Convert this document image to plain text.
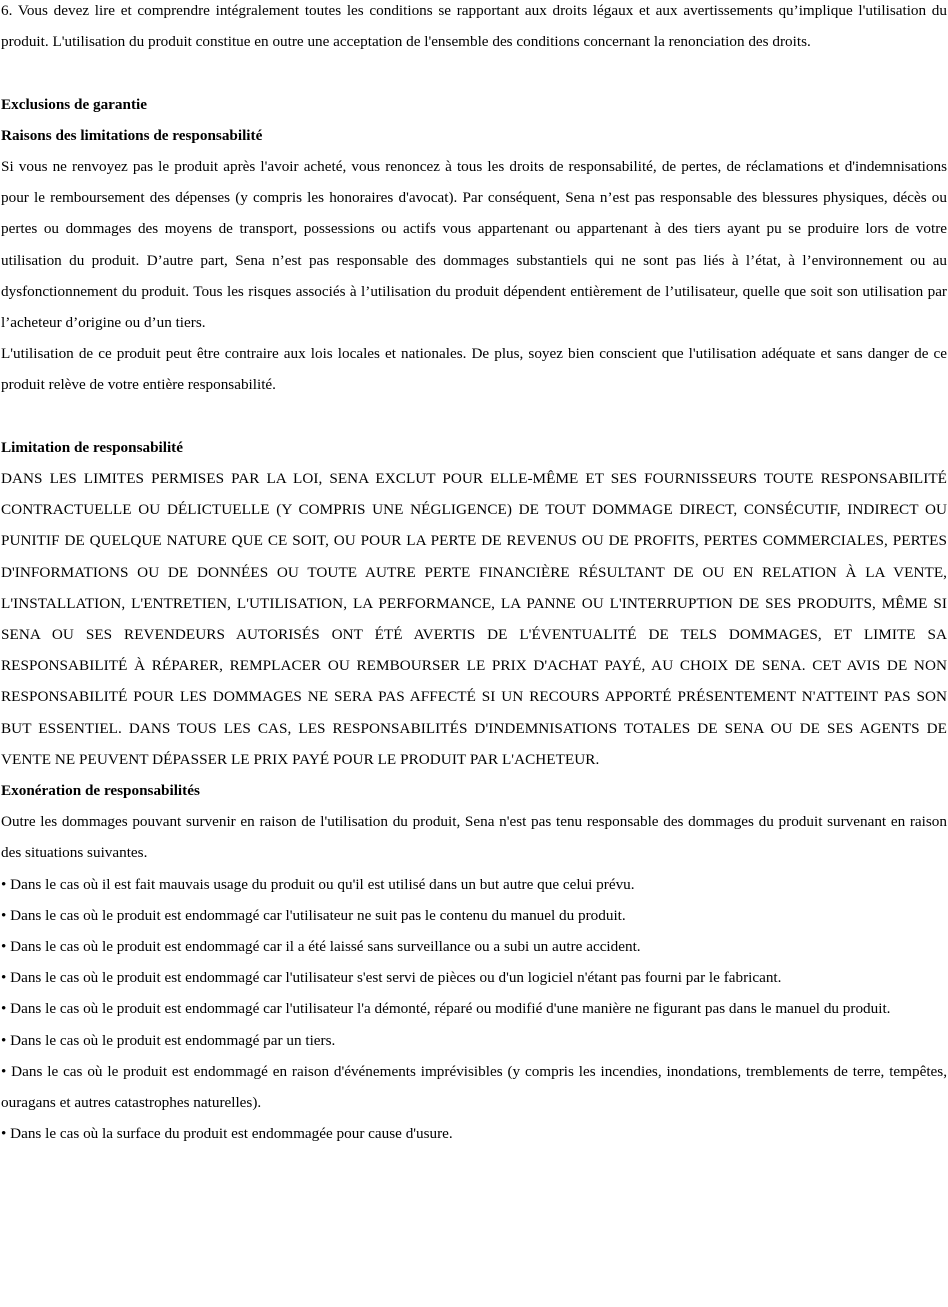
6. Vous devez lire et comprendre intégralement toutes les conditions se rapportant aux droits légaux et aux avertissements qu’implique l'utilisation du produit. L'utilisation du produit constitue en outre une acceptation de l'ensemble des conditions concernant la renonciation des droits.

Exclusions de garantie

Raisons des limitations de responsabilité

Si vous ne renvoyez pas le produit après l'avoir acheté, vous renoncez à tous les droits de responsabilité, de pertes, de réclamations et d'indemnisations pour le remboursement des dépenses (y compris les honoraires d'avocat). Par conséquent, Sena n’est pas responsable des blessures physiques, décès ou pertes ou dommages des moyens de transport, possessions ou actifs vous appartenant ou appartenant à des tiers ayant pu se produire lors de votre utilisation du produit. D’autre part, Sena n’est pas responsable des dommages substantiels qui ne sont pas liés à l’état, à l’environnement ou au dysfonctionnement du produit. Tous les risques associés à l’utilisation du produit dépendent entièrement de l’utilisateur, quelle que soit son utilisation par l’acheteur d’origine ou d’un tiers.

L'utilisation de ce produit peut être contraire aux lois locales et nationales. De plus, soyez bien conscient que l'utilisation adéquate et sans danger de ce produit relève de votre entière responsabilité.

Limitation de responsabilité

DANS LES LIMITES PERMISES PAR LA LOI, SENA EXCLUT POUR ELLE-MÊME ET SES FOURNISSEURS TOUTE RESPONSABILITÉ CONTRACTUELLE OU DÉLICTUELLE (Y COMPRIS UNE NÉGLIGENCE) DE TOUT DOMMAGE DIRECT, CONSÉCUTIF, INDIRECT OU PUNITIF DE QUELQUE NATURE QUE CE SOIT, OU POUR LA PERTE DE REVENUS OU DE PROFITS, PERTES COMMERCIALES, PERTES D'INFORMATIONS OU DE DONNÉES OU TOUTE AUTRE PERTE FINANCIÈRE RÉSULTANT DE OU EN RELATION À LA VENTE, L'INSTALLATION, L'ENTRETIEN, L'UTILISATION, LA PERFORMANCE, LA PANNE OU L'INTERRUPTION DE SES PRODUITS, MÊME SI SENA OU SES REVENDEURS AUTORISÉS ONT ÉTÉ AVERTIS DE L'ÉVENTUALITÉ DE TELS DOMMAGES, ET LIMITE SA RESPONSABILITÉ À RÉPARER, REMPLACER OU REMBOURSER LE PRIX D'ACHAT PAYÉ, AU CHOIX DE SENA. CET AVIS DE NON RESPONSABILITÉ POUR LES DOMMAGES NE SERA PAS AFFECTÉ SI UN RECOURS APPORTÉ PRÉSENTEMENT N'ATTEINT PAS SON BUT ESSENTIEL. DANS TOUS LES CAS, LES RESPONSABILITÉS D'INDEMNISATIONS TOTALES DE SENA OU DE SES AGENTS DE VENTE NE PEUVENT DÉPASSER LE PRIX PAYÉ POUR LE PRODUIT PAR L'ACHETEUR.

Exonération de responsabilités

Outre les dommages pouvant survenir en raison de l'utilisation du produit, Sena n'est pas tenu responsable des dommages du produit survenant en raison des situations suivantes.

• Dans le cas où il est fait mauvais usage du produit ou qu'il est utilisé dans un but autre que celui prévu.

• Dans le cas où le produit est endommagé car l'utilisateur ne suit pas le contenu du manuel du produit.

• Dans le cas où le produit est endommagé car il a été laissé sans surveillance ou a subi un autre accident.

• Dans le cas où le produit est endommagé car l'utilisateur s'est servi de pièces ou d'un logiciel n'étant pas fourni par le fabricant.

• Dans le cas où le produit est endommagé car l'utilisateur l'a démonté, réparé ou modifié d'une manière ne figurant pas dans le manuel du produit.

• Dans le cas où le produit est endommagé par un tiers.

• Dans le cas où le produit est endommagé en raison d'événements imprévisibles (y compris les incendies, inondations, tremblements de terre, tempêtes, ouragans et autres catastrophes naturelles).

• Dans le cas où la surface du produit est endommagée pour cause d'usure.
